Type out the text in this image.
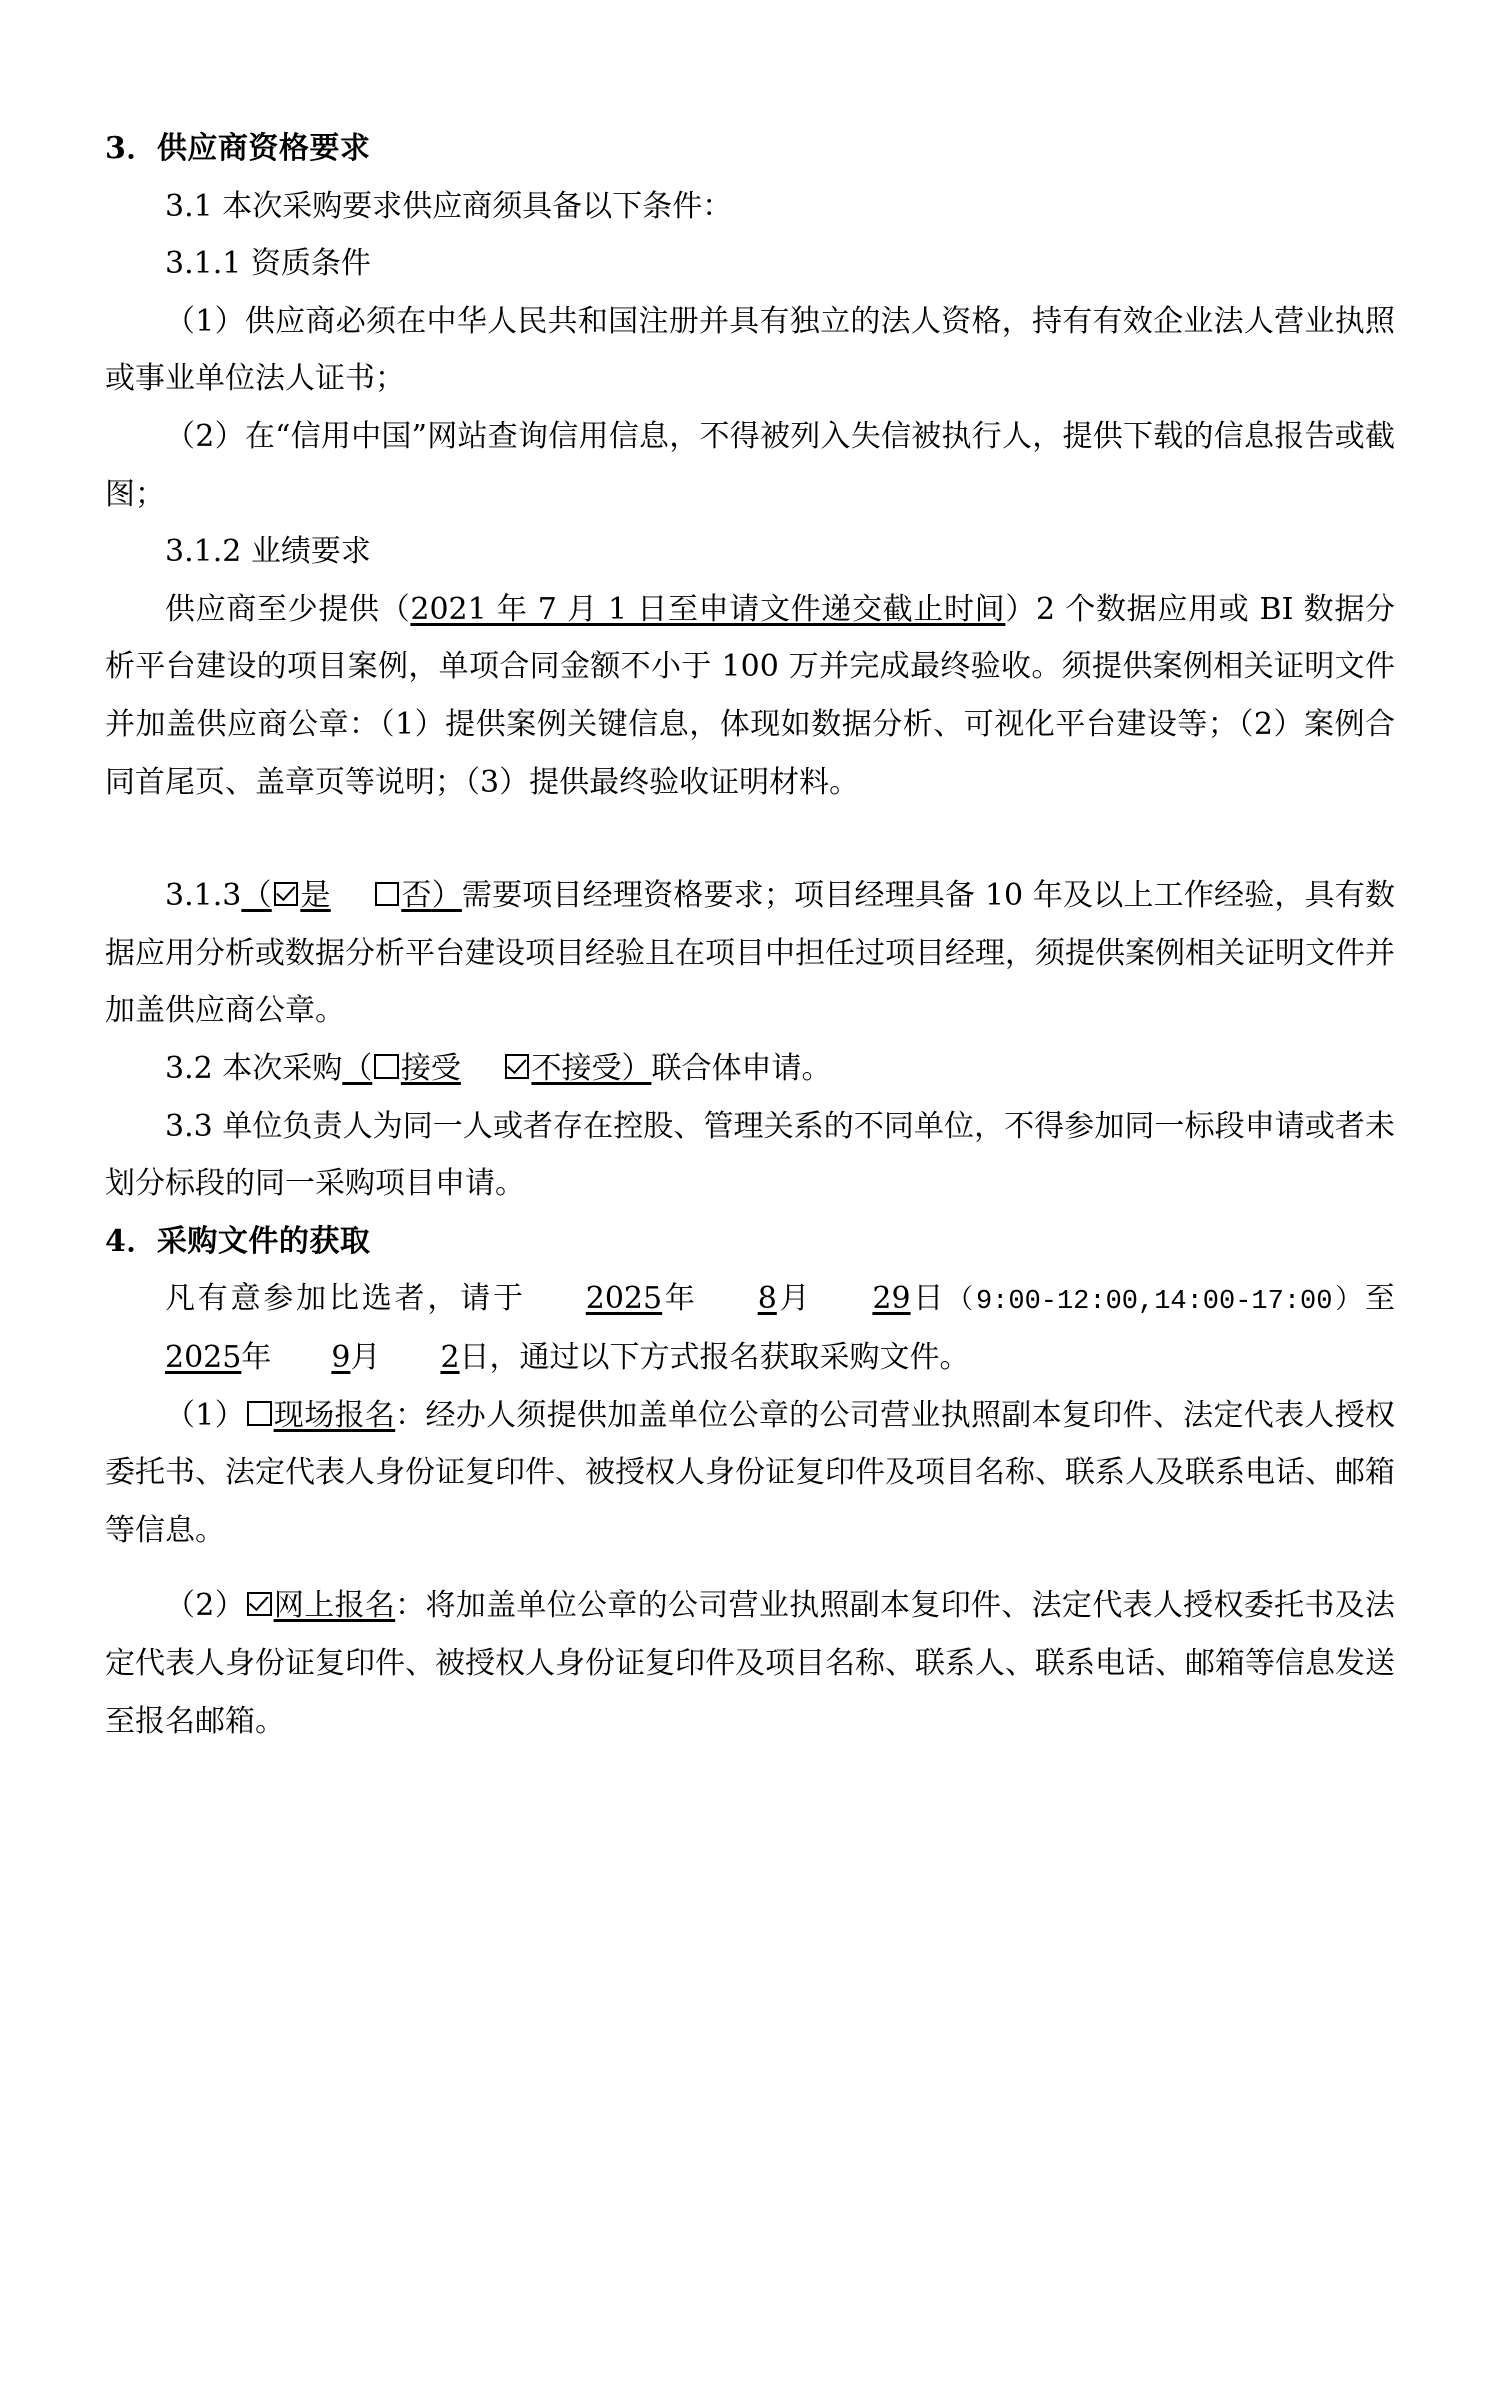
3．供应商资格要求

3.1 本次采购要求供应商须具备以下条件：

3.1.1 资质条件

（1）供应商必须在中华人民共和国注册并具有独立的法人资格，持有有效企业法人营业执照或事业单位法人证书；

（2）在“信用中国”网站查询信用信息，不得被列入失信被执行人，提供下载的信息报告或截图；

3.1.2 业绩要求

供应商至少提供（2021 年 7 月 1 日至申请文件递交截止时间）2 个数据应用或 BI 数据分析平台建设的项目案例，单项合同金额不小于 100 万并完成最终验收。须提供案例相关证明文件并加盖供应商公章：（1）提供案例关键信息，体现如数据分析、可视化平台建设等；（2）案例合同首尾页、盖章页等说明；（3）提供最终验收证明材料。

3.1.3（ 是 否）需要项目经理资格要求；项目经理具备 10 年及以上工作经验，具有数据应用分析或数据分析平台建设项目经验且在项目中担任过项目经理，须提供案例相关证明文件并加盖供应商公章。

3.2 本次采购（ 接受 不接受）联合体申请。

3.3 单位负责人为同一人或者存在控股、管理关系的不同单位，不得参加同一标段申请或者未划分标段的同一采购项目申请。

4．采购文件的获取

凡有意参加比选者，请于 2025年 8月 29日（9:00-12:00,14:00-17:00）至2025年 9月 2日，通过以下方式报名获取采购文件。

（1） 现场报名：经办人须提供加盖单位公章的公司营业执照副本复印件、法定代表人授权委托书、法定代表人身份证复印件、被授权人身份证复印件及项目名称、联系人及联系电话、邮箱等信息。

（2） 网上报名：将加盖单位公章的公司营业执照副本复印件、法定代表人授权委托书及法定代表人身份证复印件、被授权人身份证复印件及项目名称、联系人、联系电话、邮箱等信息发送至报名邮箱。
